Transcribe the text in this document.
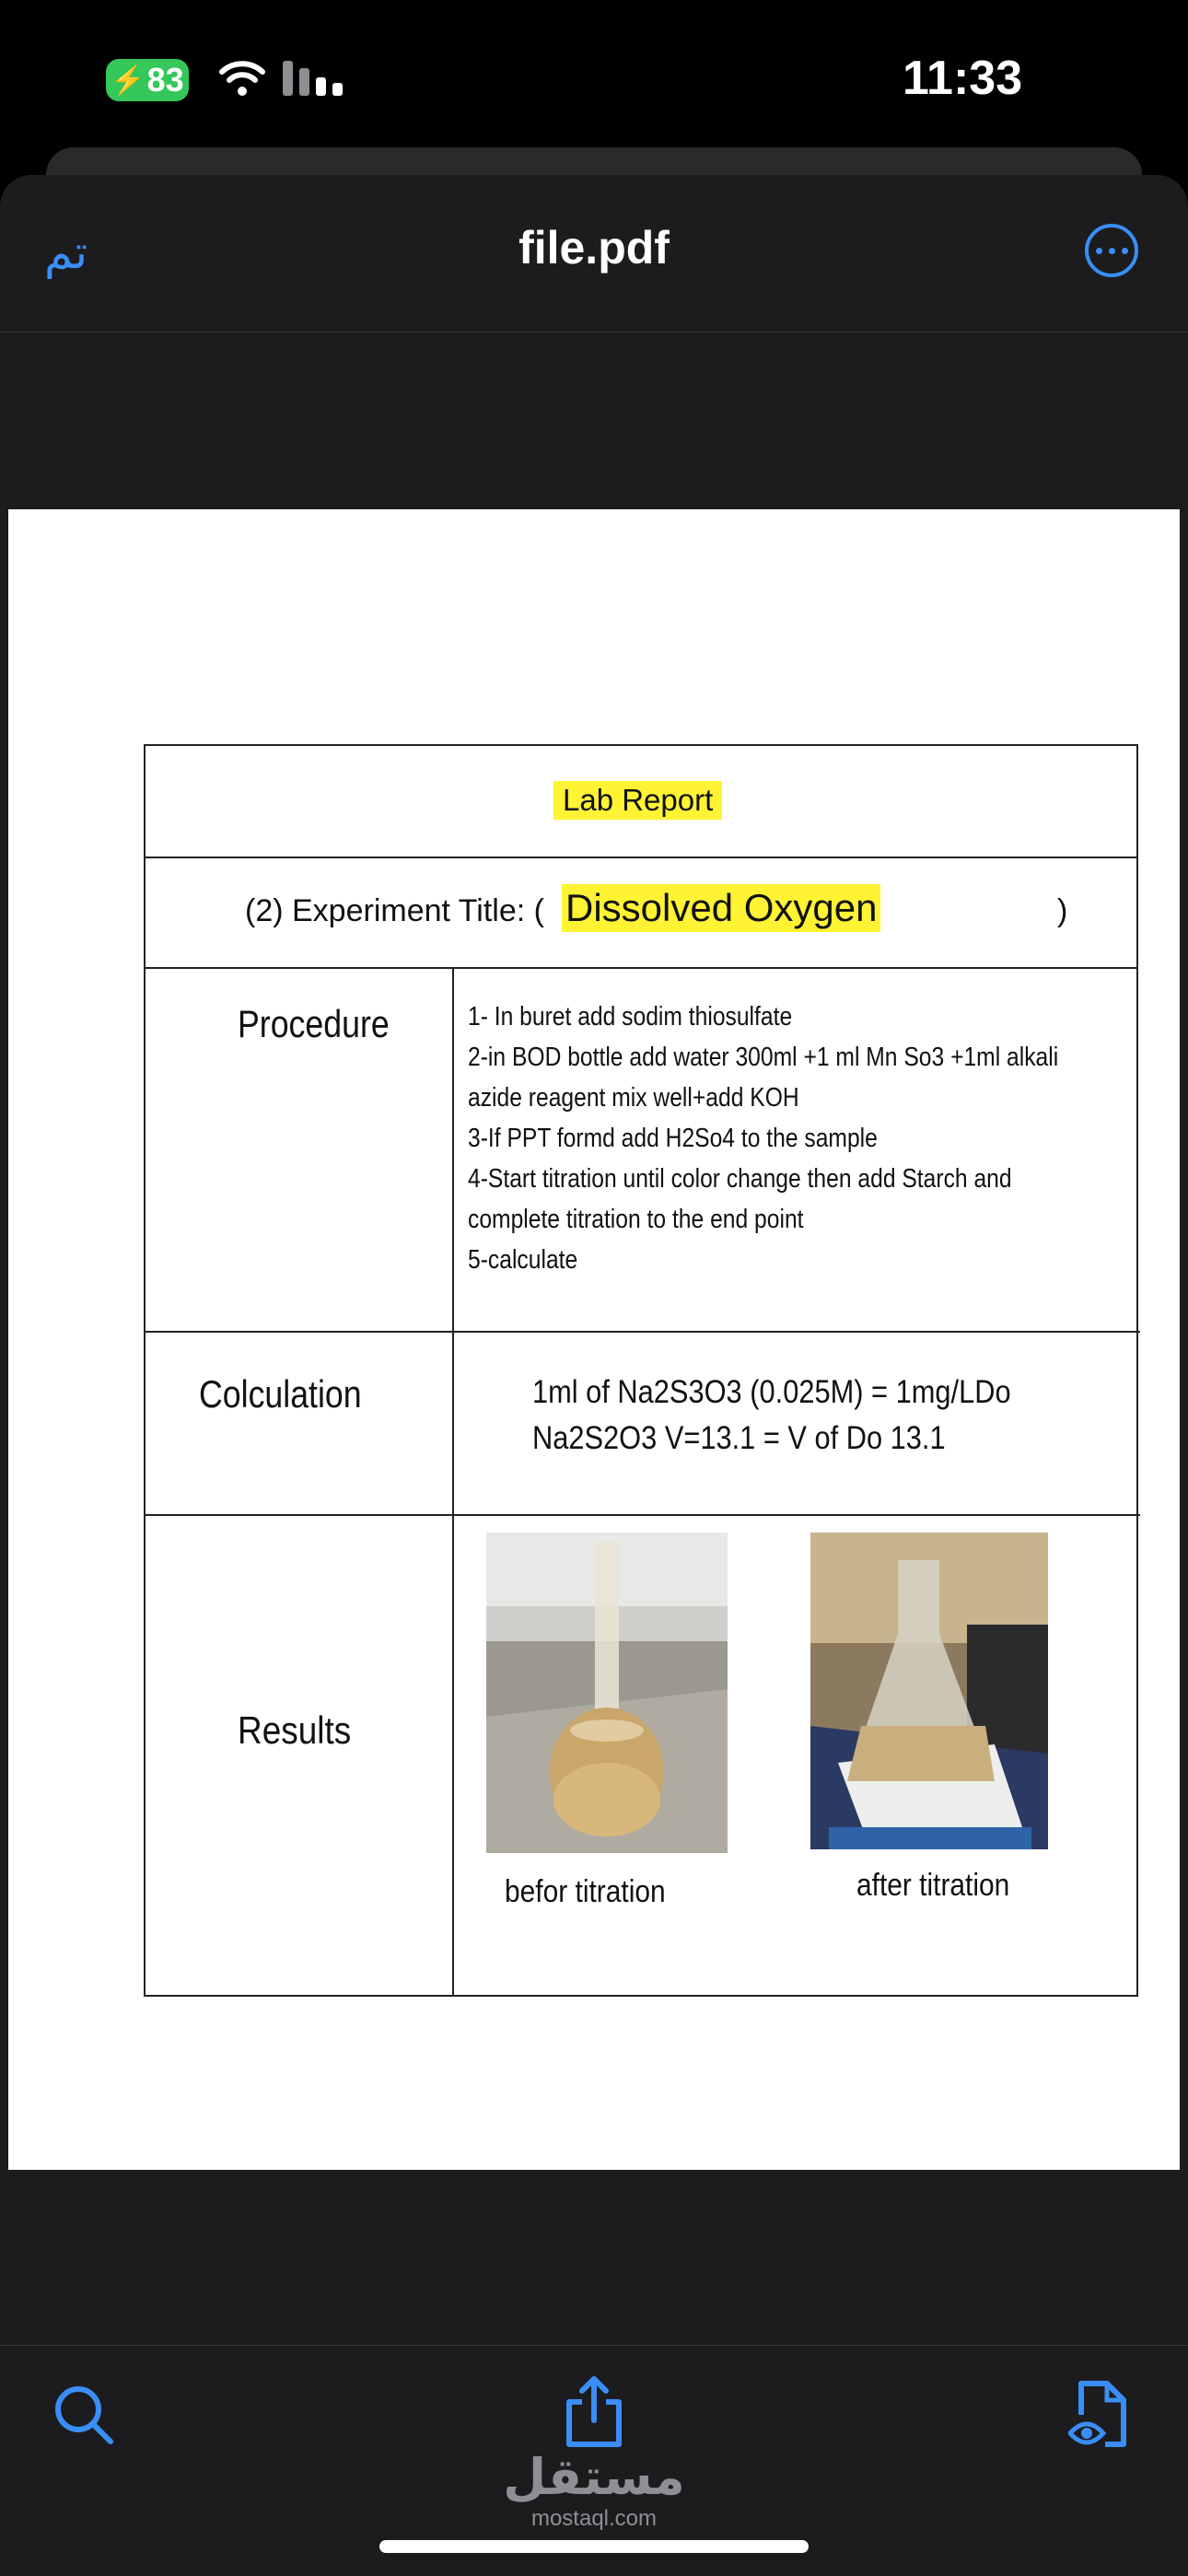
⚡ 83	11:33
تم	file.pdf
Lab Report
(2) Experiment Title: ( Dissolved Oxygen	)
Procedure	1- In buret add sodim thiosulfate
2-in BOD bottle add water 300ml +1 ml Mn So3 +1ml alkali
azide reagent mix well+add KOH
3-If PPT formd add H2So4 to the sample
4-Start titration until color change then add Starch and
complete titration to the end point
5-calculate
Colculation	1ml of Na2S3O3 (0.025M) = 1mg/LDo
Na2S2O3 V=13.1 = V of Do 13.1
Results
befor titration	after titration
مستقل
mostaql.com
